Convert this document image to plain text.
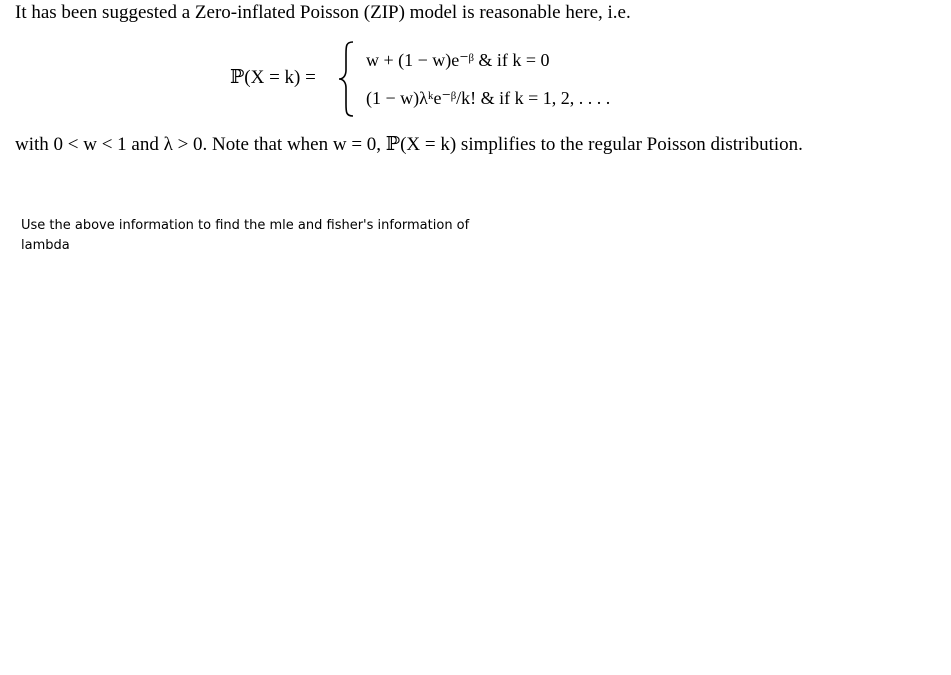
It has been suggested a Zero-inflated Poisson (ZIP) model is reasonable here, i.e.
ℙ(X = k) =
w + (1 − w)e⁻ᵝ & if k = 0
(1 − w)λᵏe⁻ᵝ/k! & if k = 1, 2, . . . .
with 0 < w < 1 and λ > 0. Note that when w = 0, ℙ(X = k) simplifies to the regular Poisson distribution.
Use the above information to find the mle and fisher's information of
lambda
